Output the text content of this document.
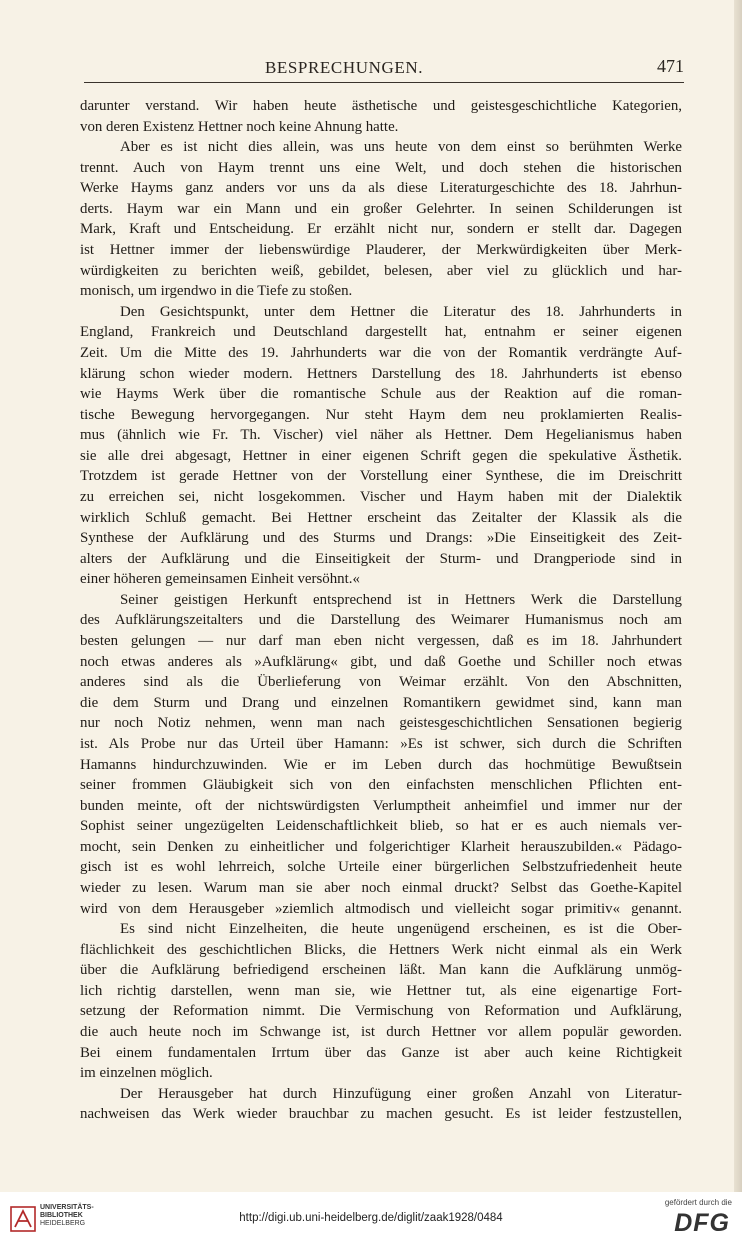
BESPRECHUNGEN.	471
darunter verstand. Wir haben heute ästhetische und geistesgeschichtliche Kategorien,
von deren Existenz Hettner noch keine Ahnung hatte.
Aber es ist nicht dies allein, was uns heute von dem einst so berühmten Werke
trennt. Auch von Haym trennt uns eine Welt, und doch stehen die historischen
Werke Hayms ganz anders vor uns da als diese Literaturgeschichte des 18. Jahrhun-
derts. Haym war ein Mann und ein großer Gelehrter. In seinen Schilderungen ist
Mark, Kraft und Entscheidung. Er erzählt nicht nur, sondern er stellt dar. Dagegen
ist Hettner immer der liebenswürdige Plauderer, der Merkwürdigkeiten über Merk-
würdigkeiten zu berichten weiß, gebildet, belesen, aber viel zu glücklich und har-
monisch, um irgendwo in die Tiefe zu stoßen.
Den Gesichtspunkt, unter dem Hettner die Literatur des 18. Jahrhunderts in
England, Frankreich und Deutschland dargestellt hat, entnahm er seiner eigenen
Zeit. Um die Mitte des 19. Jahrhunderts war die von der Romantik verdrängte Auf-
klärung schon wieder modern. Hettners Darstellung des 18. Jahrhunderts ist ebenso
wie Hayms Werk über die romantische Schule aus der Reaktion auf die roman-
tische Bewegung hervorgegangen. Nur steht Haym dem neu proklamierten Realis-
mus (ähnlich wie Fr. Th. Vischer) viel näher als Hettner. Dem Hegelianismus haben
sie alle drei abgesagt, Hettner in einer eigenen Schrift gegen die spekulative Ästhetik.
Trotzdem ist gerade Hettner von der Vorstellung einer Synthese, die im Dreischritt
zu erreichen sei, nicht losgekommen. Vischer und Haym haben mit der Dialektik
wirklich Schluß gemacht. Bei Hettner erscheint das Zeitalter der Klassik als die
Synthese der Aufklärung und des Sturms und Drangs: »Die Einseitigkeit des Zeit-
alters der Aufklärung und die Einseitigkeit der Sturm- und Drangperiode sind in
einer höheren gemeinsamen Einheit versöhnt.«
Seiner geistigen Herkunft entsprechend ist in Hettners Werk die Darstellung
des Aufklärungszeitalters und die Darstellung des Weimarer Humanismus noch am
besten gelungen — nur darf man eben nicht vergessen, daß es im 18. Jahrhundert
noch etwas anderes als »Aufklärung« gibt, und daß Goethe und Schiller noch etwas
anderes sind als die Überlieferung von Weimar erzählt. Von den Abschnitten,
die dem Sturm und Drang und einzelnen Romantikern gewidmet sind, kann man
nur noch Notiz nehmen, wenn man nach geistesgeschichtlichen Sensationen begierig
ist. Als Probe nur das Urteil über Hamann: »Es ist schwer, sich durch die Schriften
Hamanns hindurchzuwinden. Wie er im Leben durch das hochmütige Bewußtsein
seiner frommen Gläubigkeit sich von den einfachsten menschlichen Pflichten ent-
bunden meinte, oft der nichtswürdigsten Verlumptheit anheimfiel und immer nur der
Sophist seiner ungezügelten Leidenschaftlichkeit blieb, so hat er es auch niemals ver-
mocht, sein Denken zu einheitlicher und folgerichtiger Klarheit herauszubilden.« Pädago-
gisch ist es wohl lehrreich, solche Urteile einer bürgerlichen Selbstzufriedenheit heute
wieder zu lesen. Warum man sie aber noch einmal druckt? Selbst das Goethe-Kapitel
wird von dem Herausgeber »ziemlich altmodisch und vielleicht sogar primitiv« genannt.
Es sind nicht Einzelheiten, die heute ungenügend erscheinen, es ist die Ober-
flächlichkeit des geschichtlichen Blicks, die Hettners Werk nicht einmal als ein Werk
über die Aufklärung befriedigend erscheinen läßt. Man kann die Aufklärung unmög-
lich richtig darstellen, wenn man sie, wie Hettner tut, als eine eigenartige Fort-
setzung der Reformation nimmt. Die Vermischung von Reformation und Aufklärung,
die auch heute noch im Schwange ist, ist durch Hettner vor allem populär geworden.
Bei einem fundamentalen Irrtum über das Ganze ist aber auch keine Richtigkeit
im einzelnen möglich.
Der Herausgeber hat durch Hinzufügung einer großen Anzahl von Literatur-
nachweisen das Werk wieder brauchbar zu machen gesucht. Es ist leider festzustellen,
UNIVERSITÄTS-
BIBLIOTHEK
HEIDELBERG	http://digi.ub.uni-heidelberg.de/diglit/zaak1928/0484
gefördert durch die
DFG
